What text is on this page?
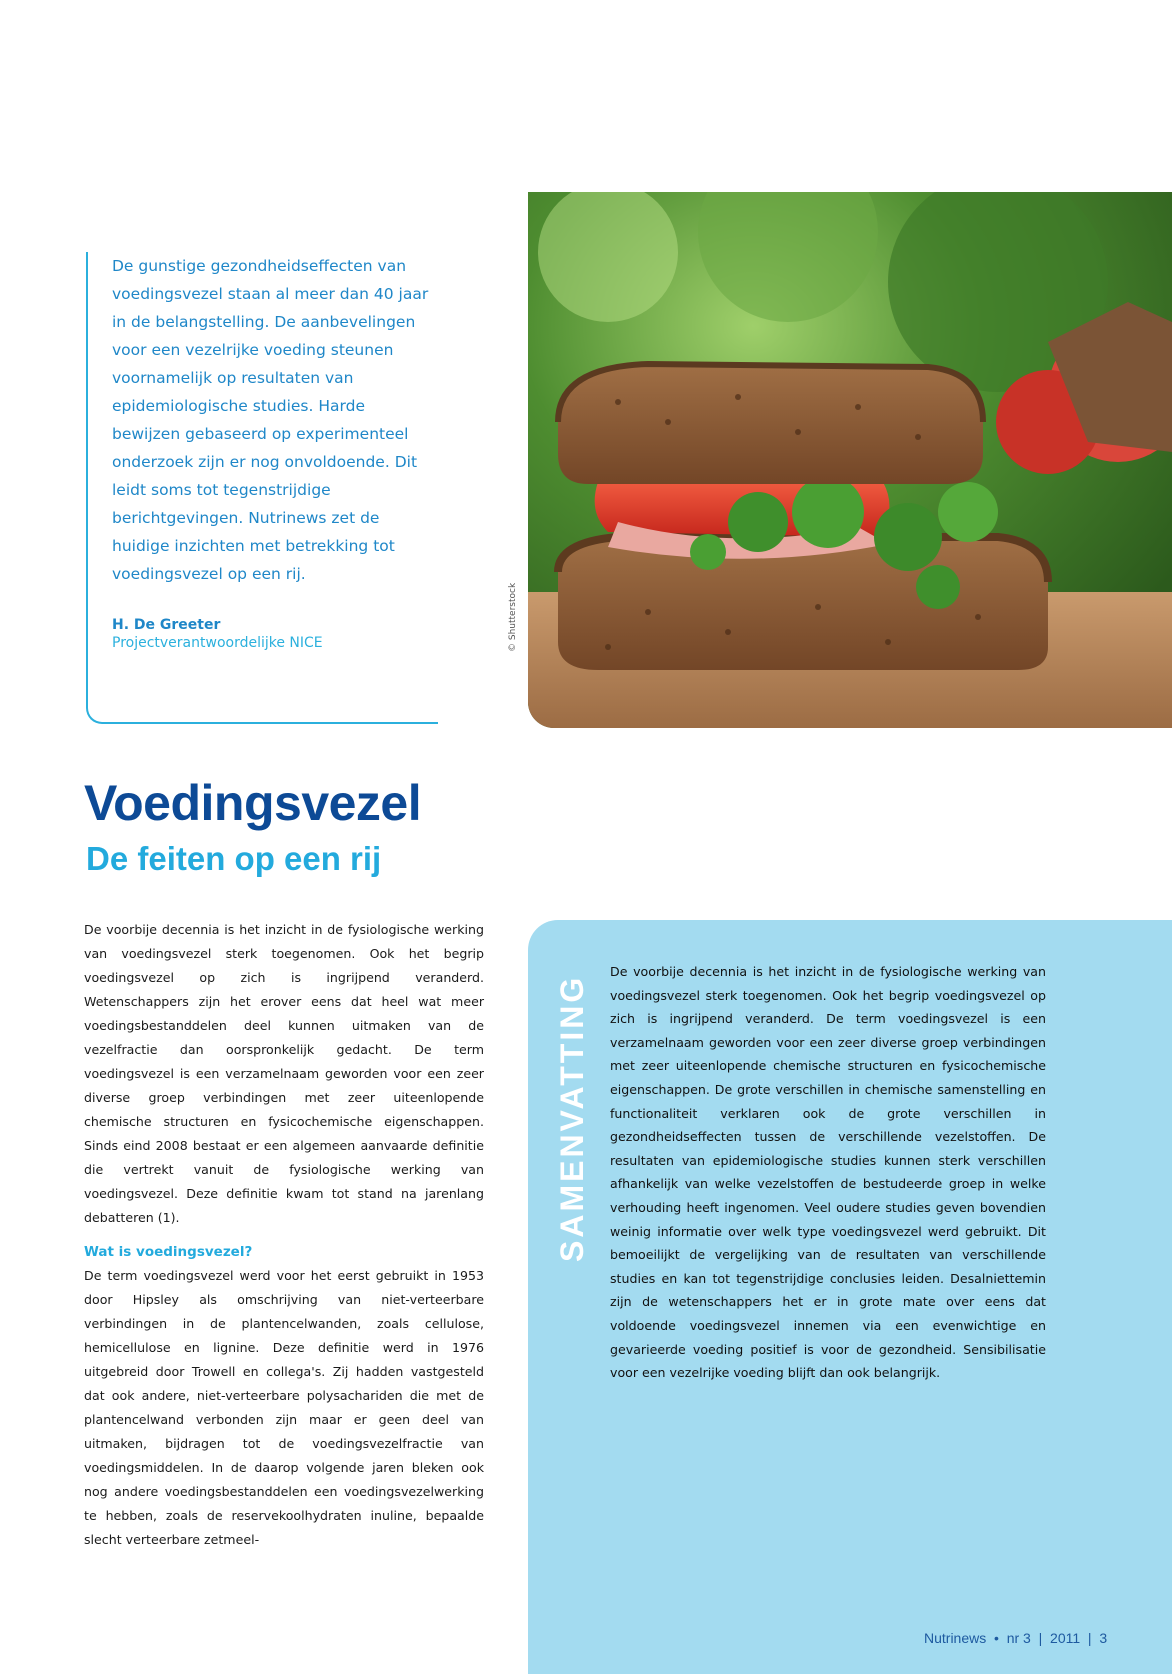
De gunstige gezondheidseffecten van voedingsvezel staan al meer dan 40 jaar in de belangstelling. De aanbevelingen voor een vezelrijke voeding steunen voornamelijk op resultaten van epidemiologische studies. Harde bewijzen gebaseerd op experimenteel onderzoek zijn er nog onvoldoende. Dit leidt soms tot tegenstrijdige berichtgevingen. Nutrinews zet de huidige inzichten met betrekking tot voedingsvezel op een rij.

H. De Greeter

Projectverantwoordelijke NICE	© Shutterstock
Voedingsvezel
De feiten op een rij

De voorbije decennia is het inzicht in de fysiologische werking van voedingsvezel sterk toegenomen. Ook het begrip voedingsvezel op zich is ingrijpend veranderd. Wetenschappers zijn het erover eens dat heel wat meer voedingsbestanddelen deel kunnen uitmaken van de vezelfractie dan oorspronkelijk gedacht. De term voedingsvezel is een verzamelnaam geworden voor een zeer diverse groep verbindingen met zeer uiteenlopende chemische structuren en fysicochemische eigenschappen. Sinds eind 2008 bestaat er een algemeen aanvaarde definitie die vertrekt vanuit de fysiologische werking van voedingsvezel. Deze definitie kwam tot stand na jarenlang debatteren (1).

Wat is voedingsvezel?

De term voedingsvezel werd voor het eerst gebruikt in 1953 door Hipsley als omschrijving van niet-verteerbare verbindingen in de plantencelwanden, zoals cellulose, hemicellulose en lignine. Deze definitie werd in 1976 uitgebreid door Trowell en collega's. Zij hadden vastgesteld dat ook andere, niet-verteerbare polysachariden die met de plantencelwand verbonden zijn maar er geen deel van uitmaken, bijdragen tot de voedingsvezelfractie van voedingsmiddelen. In de daarop volgende jaren bleken ook nog andere voedingsbestanddelen een voedingsvezelwerking te hebben, zoals de reservekoolhydraten inuline, bepaalde slecht verteerbare zetmeel-

SAMENVATTING

De voorbije decennia is het inzicht in de fysiologische werking van voedingsvezel sterk toegenomen. Ook het begrip voedingsvezel op zich is ingrijpend veranderd. De term voedingsvezel is een verzamelnaam geworden voor een zeer diverse groep verbindingen met zeer uiteenlopende chemische structuren en fysicochemische eigenschappen. De grote verschillen in chemische samenstelling en functionaliteit verklaren ook de grote verschillen in gezondheidseffecten tussen de verschillende vezelstoffen. De resultaten van epidemiologische studies kunnen sterk verschillen afhankelijk van welke vezelstoffen de bestudeerde groep in welke verhouding heeft ingenomen. Veel oudere studies geven bovendien weinig informatie over welk type voedingsvezel werd gebruikt. Dit bemoeilijkt de vergelijking van de resultaten van verschillende studies en kan tot tegenstrijdige conclusies leiden. Desalniettemin zijn de wetenschappers het er in grote mate over eens dat voldoende voedingsvezel innemen via een evenwichtige en gevarieerde voeding positief is voor de gezondheid. Sensibilisatie voor een vezelrijke voeding blijft dan ook belangrijk.

Nutrinews  •  nr 3  |  2011  |  3
